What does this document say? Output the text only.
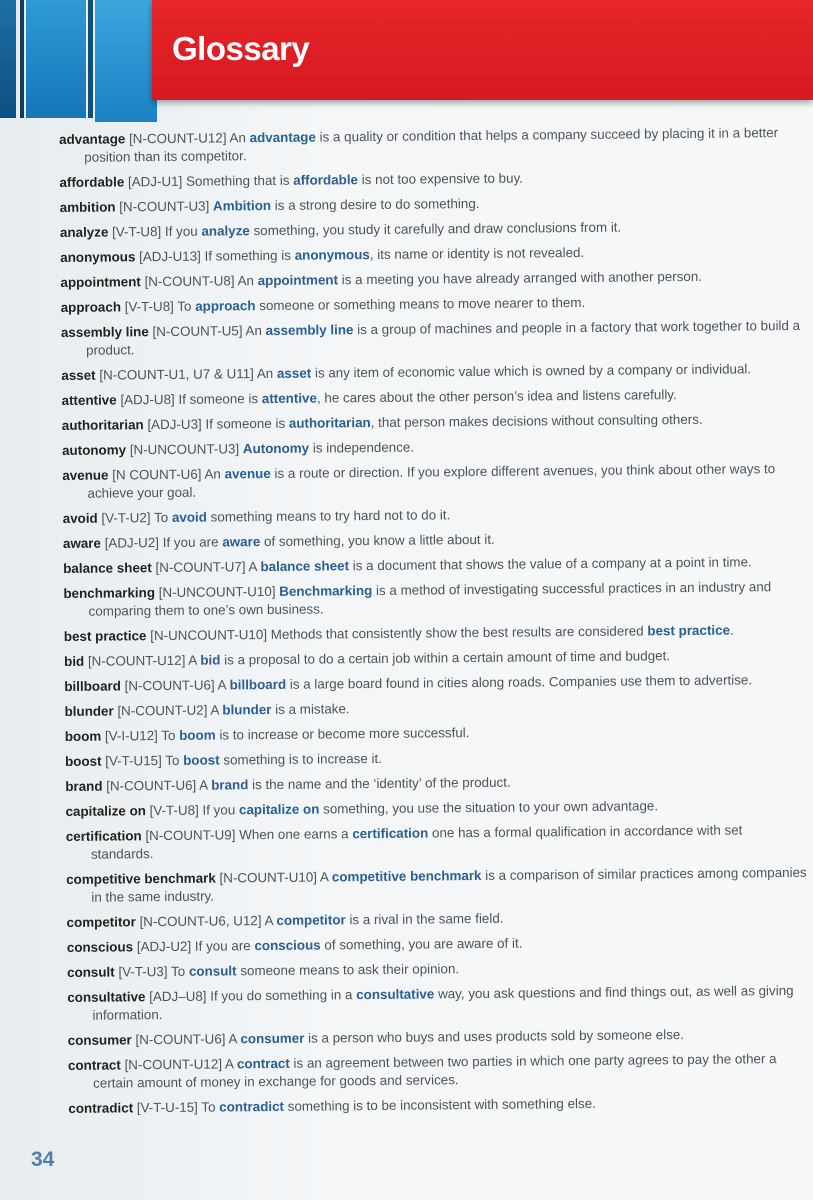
Glossary
advantage [N-COUNT-U12] An advantage is a quality or condition that helps a company succeed by placing it in a better position than its competitor.
affordable [ADJ-U1] Something that is affordable is not too expensive to buy.
ambition [N-COUNT-U3] Ambition is a strong desire to do something.
analyze [V-T-U8] If you analyze something, you study it carefully and draw conclusions from it.
anonymous [ADJ-U13] If something is anonymous, its name or identity is not revealed.
appointment [N-COUNT-U8] An appointment is a meeting you have already arranged with another person.
approach [V-T-U8] To approach someone or something means to move nearer to them.
assembly line [N-COUNT-U5] An assembly line is a group of machines and people in a factory that work together to build a product.
asset [N-COUNT-U1, U7 & U11] An asset is any item of economic value which is owned by a company or individual.
attentive [ADJ-U8] If someone is attentive, he cares about the other person’s idea and listens carefully.
authoritarian [ADJ-U3] If someone is authoritarian, that person makes decisions without consulting others.
autonomy [N-UNCOUNT-U3] Autonomy is independence.
avenue [N COUNT-U6] An avenue is a route or direction. If you explore different avenues, you think about other ways to achieve your goal.
avoid [V-T-U2] To avoid something means to try hard not to do it.
aware [ADJ-U2] If you are aware of something, you know a little about it.
balance sheet [N-COUNT-U7] A balance sheet is a document that shows the value of a company at a point in time.
benchmarking [N-UNCOUNT-U10] Benchmarking is a method of investigating successful practices in an industry and comparing them to one’s own business.
best practice [N-UNCOUNT-U10] Methods that consistently show the best results are considered best practice.
bid [N-COUNT-U12] A bid is a proposal to do a certain job within a certain amount of time and budget.
billboard [N-COUNT-U6] A billboard is a large board found in cities along roads. Companies use them to advertise.
blunder [N-COUNT-U2] A blunder is a mistake.
boom [V-I-U12] To boom is to increase or become more successful.
boost [V-T-U15] To boost something is to increase it.
brand [N-COUNT-U6] A brand is the name and the ‘identity’ of the product.
capitalize on [V-T-U8] If you capitalize on something, you use the situation to your own advantage.
certification [N-COUNT-U9] When one earns a certification one has a formal qualification in accordance with set standards.
competitive benchmark [N-COUNT-U10] A competitive benchmark is a comparison of similar practices among companies in the same industry.
competitor [N-COUNT-U6, U12] A competitor is a rival in the same field.
conscious [ADJ-U2] If you are conscious of something, you are aware of it.
consult [V-T-U3] To consult someone means to ask their opinion.
consultative [ADJ–U8] If you do something in a consultative way, you ask questions and find things out, as well as giving information.
consumer [N-COUNT-U6] A consumer is a person who buys and uses products sold by someone else.
contract [N-COUNT-U12] A contract is an agreement between two parties in which one party agrees to pay the other a certain amount of money in exchange for goods and services.
contradict [V-T-U-15] To contradict something is to be inconsistent with something else.
34
